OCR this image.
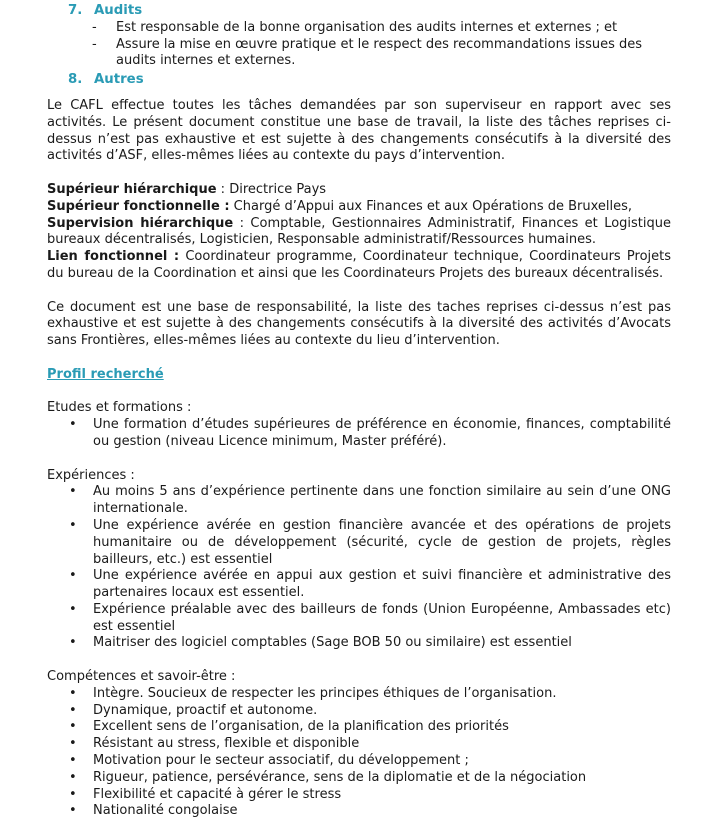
7. Audits
- Est responsable de la bonne organisation des audits internes et externes ; et
- Assure la mise en œuvre pratique et le respect des recommandations issues des audits internes et externes.
8. Autres

Le CAFL effectue toutes les tâches demandées par son superviseur en rapport avec ses activités. Le présent document constitue une base de travail, la liste des tâches reprises ci-dessus n’est pas exhaustive et est sujette à des changements consécutifs à la diversité des activités d’ASF, elles-mêmes liées au contexte du pays d’intervention.

Supérieur hiérarchique : Directrice Pays
Supérieur fonctionnelle : Chargé d’Appui aux Finances et aux Opérations de Bruxelles,
Supervision hiérarchique : Comptable, Gestionnaires Administratif, Finances et Logistique bureaux décentralisés, Logisticien, Responsable administratif/Ressources humaines.
Lien fonctionnel : Coordinateur programme, Coordinateur technique, Coordinateurs Projets du bureau de la Coordination et ainsi que les Coordinateurs Projets des bureaux décentralisés.

Ce document est une base de responsabilité, la liste des taches reprises ci-dessus n’est pas exhaustive et est sujette à des changements consécutifs à la diversité des activités d’Avocats sans Frontières, elles-mêmes liées au contexte du lieu d’intervention.

Profil recherché

Etudes et formations :

• Une formation d’études supérieures de préférence en économie, finances, comptabilité ou gestion (niveau Licence minimum, Master préféré).

Expériences :

• Au moins 5 ans d’expérience pertinente dans une fonction similaire au sein d’une ONG internationale.
• Une expérience avérée en gestion financière avancée et des opérations de projets humanitaire ou de développement (sécurité, cycle de gestion de projets, règles bailleurs, etc.) est essentiel
• Une expérience avérée en appui aux gestion et suivi financière et administrative des partenaires locaux est essentiel.
• Expérience préalable avec des bailleurs de fonds (Union Européenne, Ambassades etc) est essentiel
• Maitriser des logiciel comptables (Sage BOB 50 ou similaire) est essentiel

Compétences et savoir-être :

• Intègre. Soucieux de respecter les principes éthiques de l’organisation.
• Dynamique, proactif et autonome.
• Excellent sens de l’organisation, de la planification des priorités
• Résistant au stress, flexible et disponible
• Motivation pour le secteur associatif, du développement ;
• Rigueur, patience, persévérance, sens de la diplomatie et de la négociation
• Flexibilité et capacité à gérer le stress
• Nationalité congolaise
